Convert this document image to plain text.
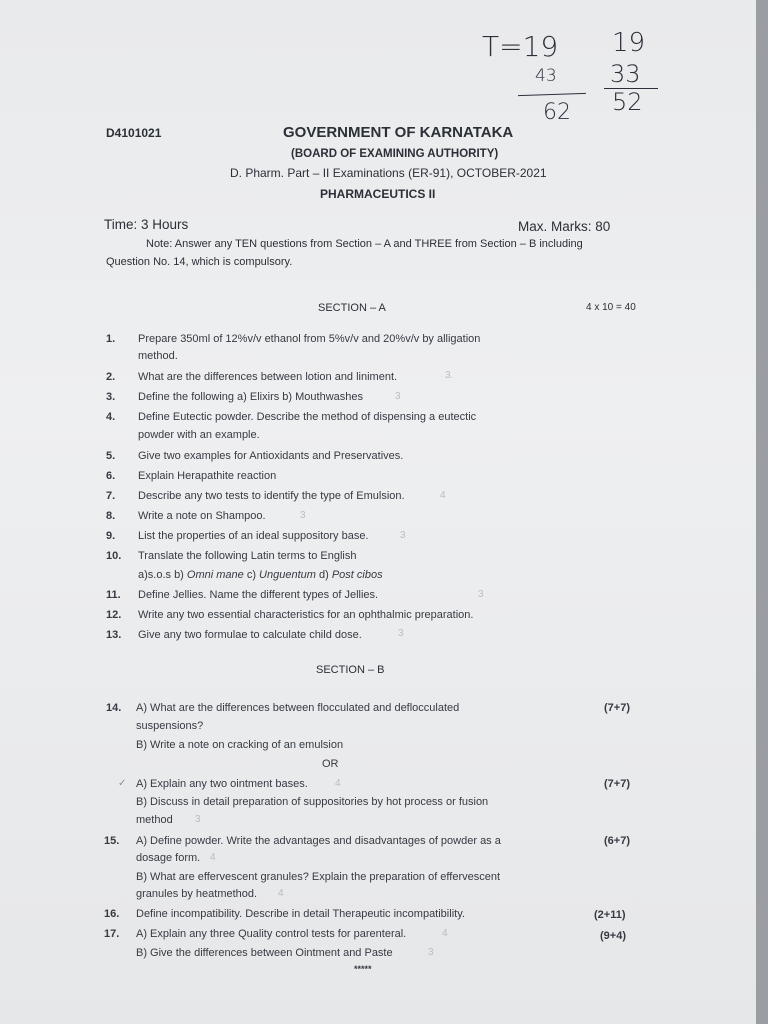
T=19
43
62
19
33
52
D4101021	GOVERNMENT OF KARNATAKA
(BOARD OF EXAMINING AUTHORITY)
D. Pharm. Part – II Examinations (ER-91), OCTOBER-2021
PHARMACEUTICS II
Time: 3 Hours	Max. Marks: 80
Note: Answer any TEN questions from Section – A and THREE from Section – B including
Question No. 14, which is compulsory.
SECTION – A	4 x 10 = 40
1. Prepare 350ml of 12%v/v ethanol from 5%v/v and 20%v/v by alligation
method.
2. What are the differences between lotion and liniment.
3. Define the following a) Elixirs b) Mouthwashes
4. Define Eutectic powder. Describe the method of dispensing a eutectic
powder with an example.
5. Give two examples for Antioxidants and Preservatives.
6. Explain Herapathite reaction
7. Describe any two tests to identify the type of Emulsion.
8. Write a note on Shampoo.
9. List the properties of an ideal suppository base.
10. Translate the following Latin terms to English
a)s.o.s b) Omni mane c) Unguentum d) Post cibos
11. Define Jellies. Name the different types of Jellies.
12. Write any two essential characteristics for an ophthalmic preparation.
13. Give any two formulae to calculate child dose.
3.
3
4
3
3
3
3
SECTION – B
14. A) What are the differences between flocculated and deflocculated	(7+7)
suspensions?
B) Write a note on cracking of an emulsion
OR
A) Explain any two ointment bases.	(7+7)
B) Discuss in detail preparation of suppositories by hot process or fusion
method
15. A) Define powder. Write the advantages and disadvantages of powder as a	(6+7)
dosage form.
B) What are effervescent granules? Explain the preparation of effervescent
granules by heatmethod.
16. Define incompatibility. Describe in detail Therapeutic incompatibility.	(2+11)
17. A) Explain any three Quality control tests for parenteral.	(9+4)
B) Give the differences between Ointment and Paste
*****
✓	4
3
4
4
4
3
